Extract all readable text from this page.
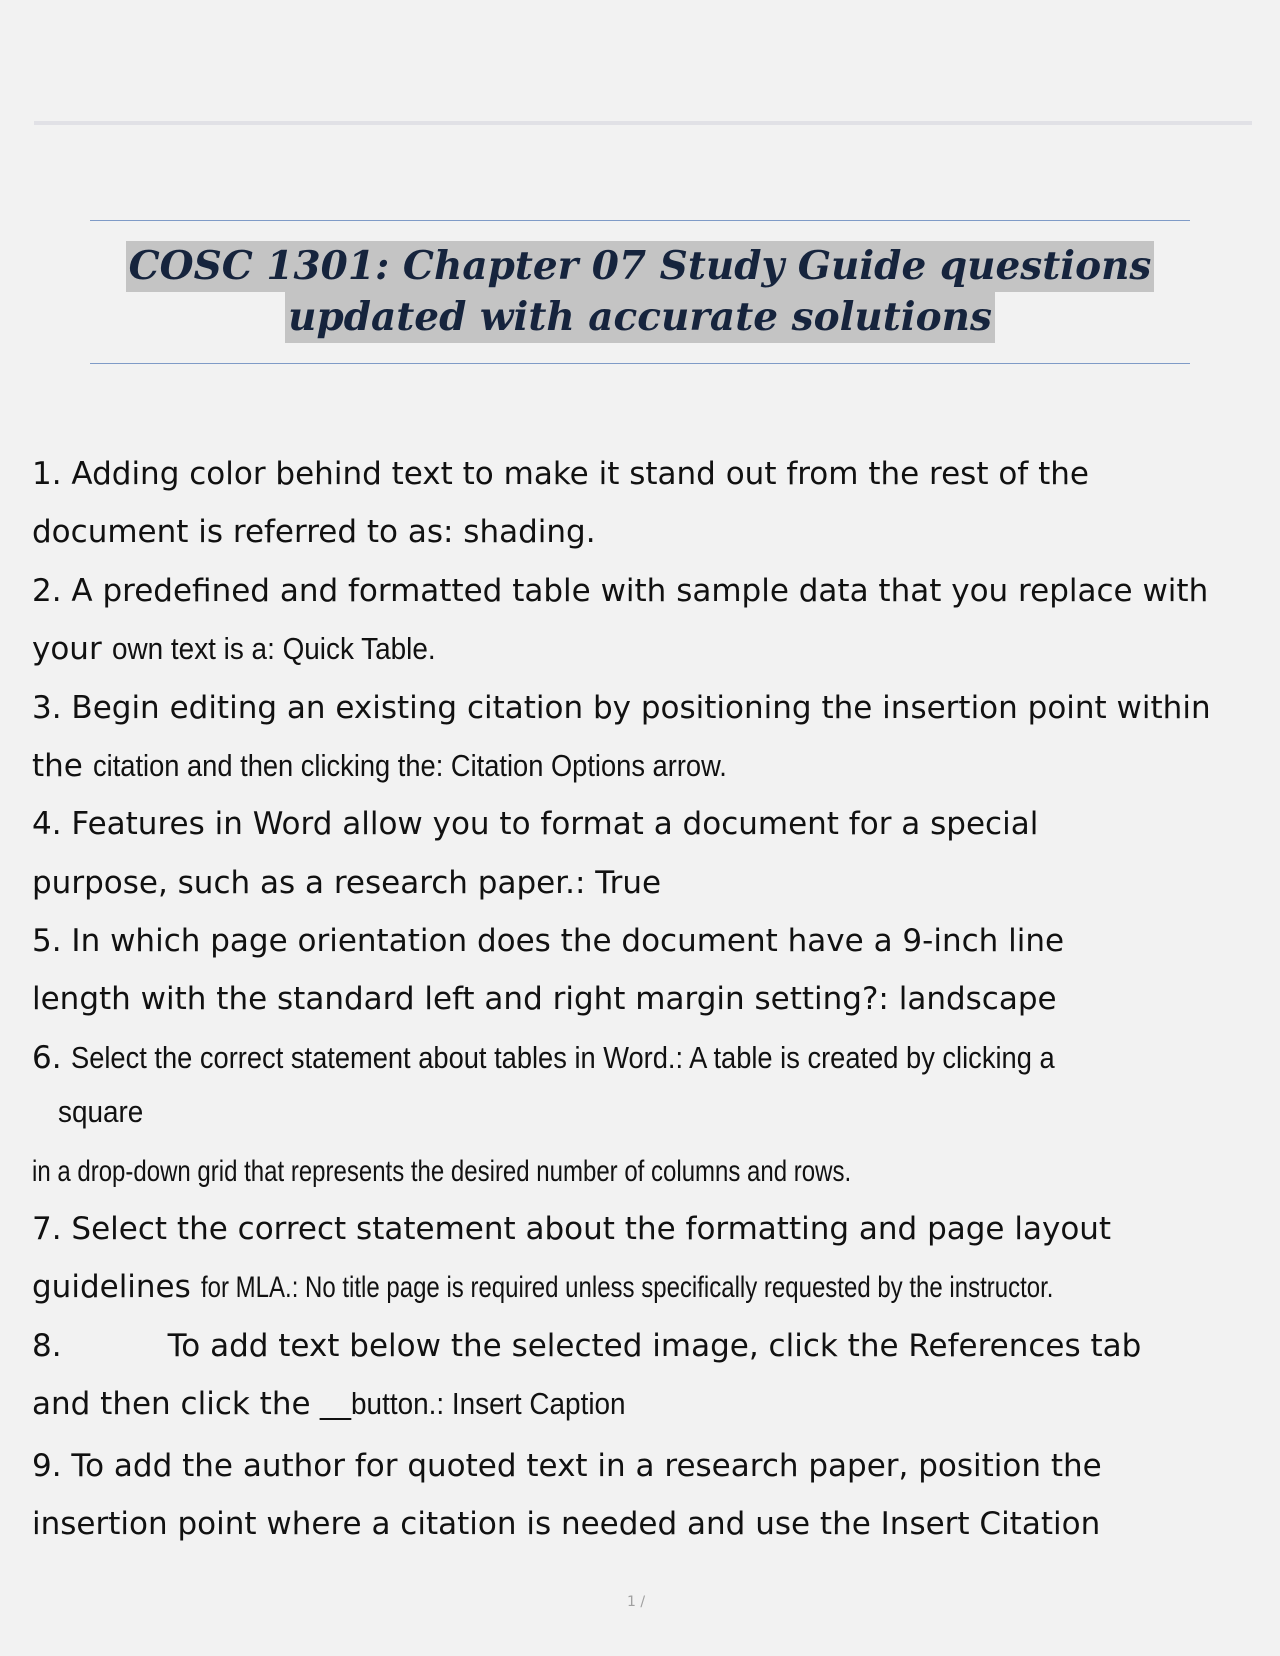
COSC 1301: Chapter 07 Study Guide questions
updated with accurate solutions
1. Adding color behind text to make it stand out from the rest of the
document is referred to as: shading.
2. A predefined and formatted table with sample data that you replace with
your own text is a: Quick Table.
3. Begin editing an existing citation by positioning the insertion point within
the citation and then clicking the: Citation Options arrow.
4. Features in Word allow you to format a document for a special
purpose, such as a research paper.: True
5. In which page orientation does the document have a 9-inch line
length with the standard left and right margin setting?: landscape
6. Select the correct statement about tables in Word.: A table is created by clicking a
square
in a drop-down grid that represents the desired number of columns and rows.
7. Select the correct statement about the formatting and page layout
guidelines for MLA.: No title page is required unless specifically requested by the instructor.
8.	To add text below the selected image, click the References tab
and then click the __button.: Insert Caption
9. To add the author for quoted text in a research paper, position the
insertion point where a citation is needed and use the Insert Citation
1 /
